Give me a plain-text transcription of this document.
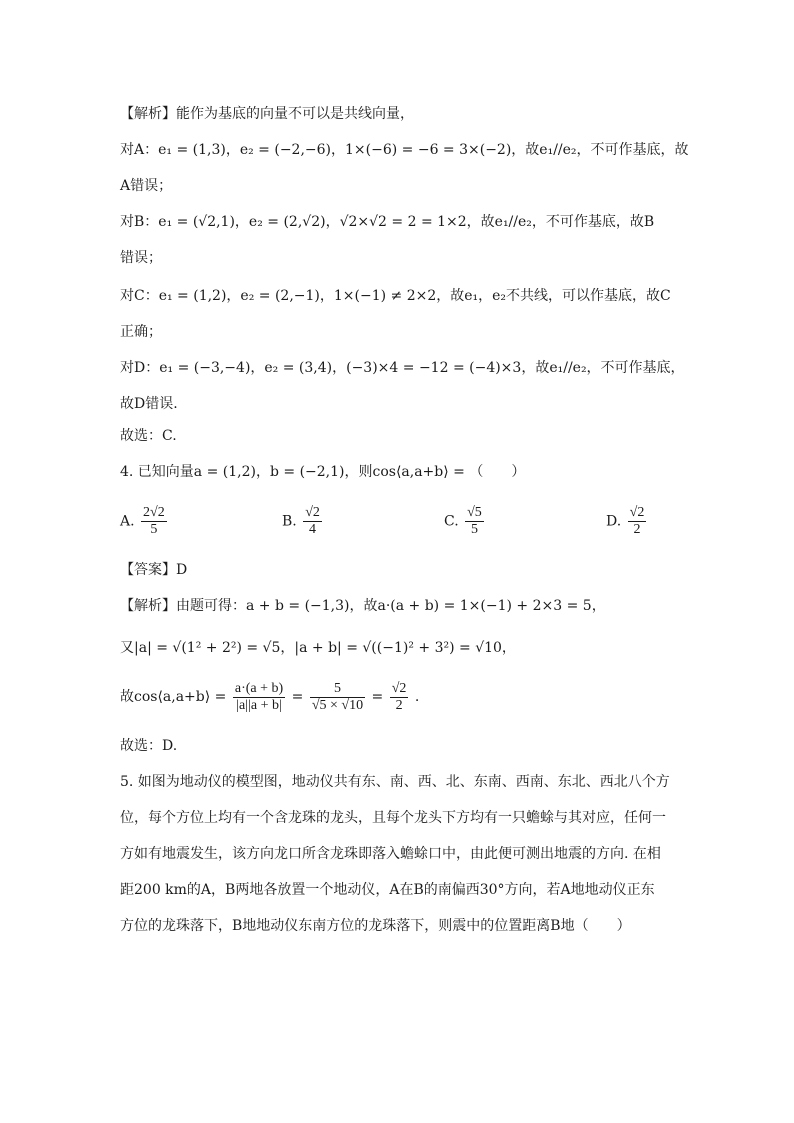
【解析】能作为基底的向量不可以是共线向量，
对A：e₁ = (1,3)，e₂ = (−2,−6)，1×(−6) = −6 = 3×(−2)，故e₁//e₂，不可作基底，故
A错误；
对B：e₁ = (√2,1)，e₂ = (2,√2)，√2×√2 = 2 = 1×2，故e₁//e₂，不可作基底，故B
错误；
对C：e₁ = (1,2)，e₂ = (2,−1)，1×(−1) ≠ 2×2，故e₁，e₂不共线，可以作基底，故C
正确；
对D：e₁ = (−3,−4)，e₂ = (3,4)，(−3)×4 = −12 = (−4)×3，故e₁//e₂，不可作基底，
故D错误.
故选：C.
4. 已知向量a = (1,2)，b = (−2,1)，则cos⟨a,a+b⟩ = （　　）
A. $\frac{2√2}{5}$	B. $\frac{√2}{4}$	C. $\frac{√5}{5}$	D. $\frac{√2}{2}$
【答案】D
【解析】由题可得：a + b = (−1,3)，故a·(a + b) = 1×(−1) + 2×3 = 5，
又|a| = √(1² + 2²) = √5，|a + b| = √((−1)² + 3²) = √10，
故cos⟨a,a+b⟩ = $\frac{a\cdot(a + b)}{|a||a + b|} = \frac{5}{√5 \times √10} = \frac{√2}{2}$ .
故选：D.
5. 如图为地动仪的模型图，地动仪共有东、南、西、北、东南、西南、东北、西北八个方
位，每个方位上均有一个含龙珠的龙头，且每个龙头下方均有一只蟾蜍与其对应，任何一
方如有地震发生，该方向龙口所含龙珠即落入蟾蜍口中，由此便可测出地震的方向. 在相
距200 km的A，B两地各放置一个地动仪，A在B的南偏西30°方向，若A地地动仪正东
方位的龙珠落下，B地地动仪东南方位的龙珠落下，则震中的位置距离B地（　　）
